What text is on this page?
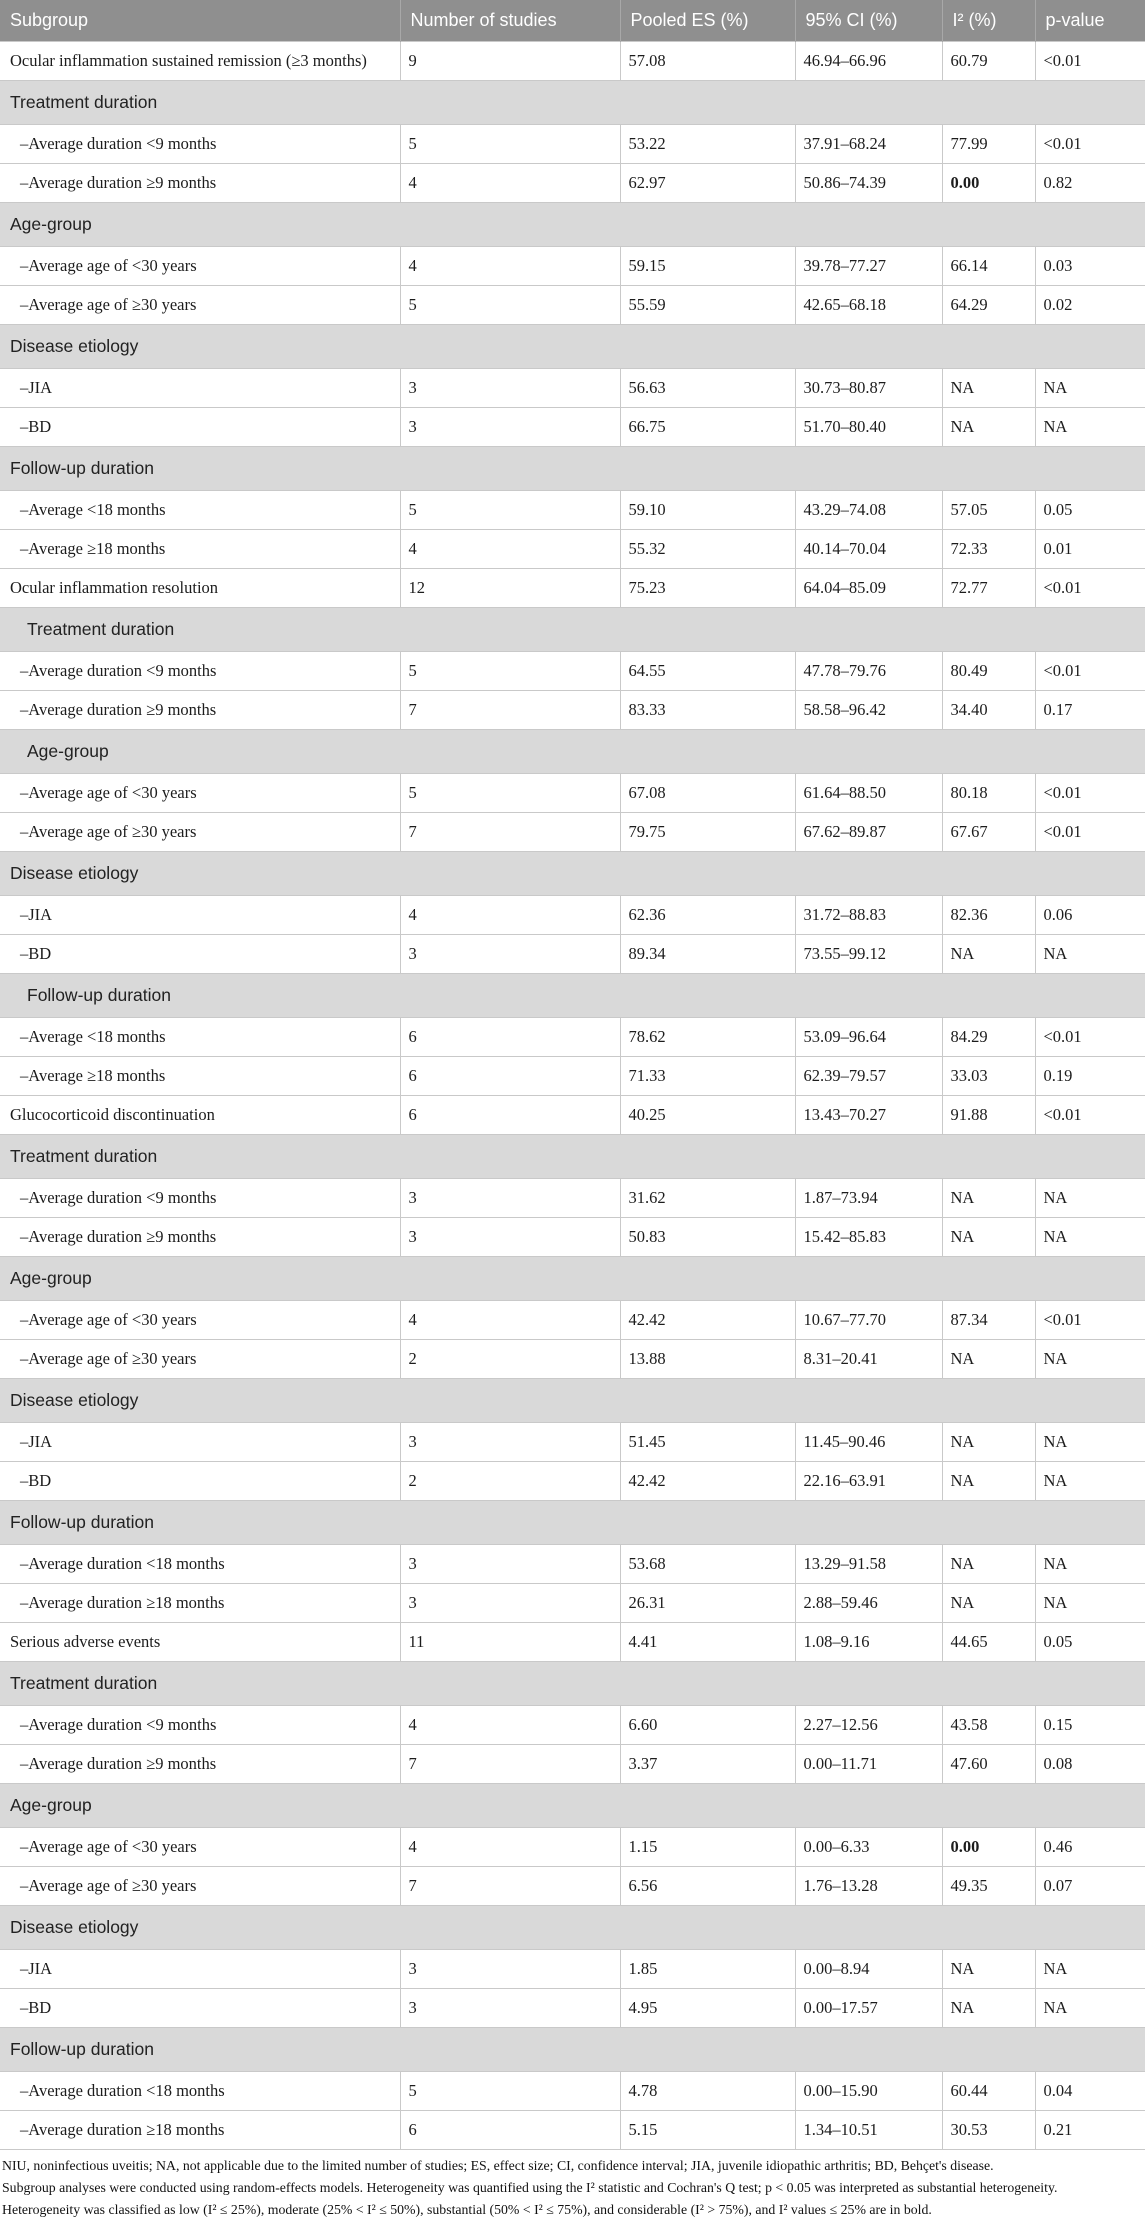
Subgroup	Number of studies	Pooled ES (%)	95% CI (%)	I² (%)	p-value
Ocular inflammation sustained remission (≥3 months)	9	57.08	46.94–66.96	60.79	<0.01
Treatment duration					
–Average duration <9 months	5	53.22	37.91–68.24	77.99	<0.01
–Average duration ≥9 months	4	62.97	50.86–74.39	0.00	0.82
Age-group					
–Average age of <30 years	4	59.15	39.78–77.27	66.14	0.03
–Average age of ≥30 years	5	55.59	42.65–68.18	64.29	0.02
Disease etiology					
–JIA	3	56.63	30.73–80.87	NA	NA
–BD	3	66.75	51.70–80.40	NA	NA
Follow-up duration					
–Average <18 months	5	59.10	43.29–74.08	57.05	0.05
–Average ≥18 months	4	55.32	40.14–70.04	72.33	0.01
Ocular inflammation resolution	12	75.23	64.04–85.09	72.77	<0.01
Treatment duration					
–Average duration <9 months	5	64.55	47.78–79.76	80.49	<0.01
–Average duration ≥9 months	7	83.33	58.58–96.42	34.40	0.17
Age-group					
–Average age of <30 years	5	67.08	61.64–88.50	80.18	<0.01
–Average age of ≥30 years	7	79.75	67.62–89.87	67.67	<0.01
Disease etiology					
–JIA	4	62.36	31.72–88.83	82.36	0.06
–BD	3	89.34	73.55–99.12	NA	NA
Follow-up duration					
–Average <18 months	6	78.62	53.09–96.64	84.29	<0.01
–Average ≥18 months	6	71.33	62.39–79.57	33.03	0.19
Glucocorticoid discontinuation	6	40.25	13.43–70.27	91.88	<0.01
Treatment duration					
–Average duration <9 months	3	31.62	1.87–73.94	NA	NA
–Average duration ≥9 months	3	50.83	15.42–85.83	NA	NA
Age-group					
–Average age of <30 years	4	42.42	10.67–77.70	87.34	<0.01
–Average age of ≥30 years	2	13.88	8.31–20.41	NA	NA
Disease etiology					
–JIA	3	51.45	11.45–90.46	NA	NA
–BD	2	42.42	22.16–63.91	NA	NA
Follow-up duration					
–Average duration <18 months	3	53.68	13.29–91.58	NA	NA
–Average duration ≥18 months	3	26.31	2.88–59.46	NA	NA
Serious adverse events	11	4.41	1.08–9.16	44.65	0.05
Treatment duration					
–Average duration <9 months	4	6.60	2.27–12.56	43.58	0.15
–Average duration ≥9 months	7	3.37	0.00–11.71	47.60	0.08
Age-group					
–Average age of <30 years	4	1.15	0.00–6.33	0.00	0.46
–Average age of ≥30 years	7	6.56	1.76–13.28	49.35	0.07
Disease etiology					
–JIA	3	1.85	0.00–8.94	NA	NA
–BD	3	4.95	0.00–17.57	NA	NA
Follow-up duration					
–Average duration <18 months	5	4.78	0.00–15.90	60.44	0.04
–Average duration ≥18 months	6	5.15	1.34–10.51	30.53	0.21

NIU, noninfectious uveitis; NA, not applicable due to the limited number of studies; ES, effect size; CI, confidence interval; JIA, juvenile idiopathic arthritis; BD, Behçet's disease.

Subgroup analyses were conducted using random-effects models. Heterogeneity was quantified using the I² statistic and Cochran's Q test; p < 0.05 was interpreted as substantial heterogeneity.

Heterogeneity was classified as low (I² ≤ 25%), moderate (25% < I² ≤ 50%), substantial (50% < I² ≤ 75%), and considerable (I² > 75%), and I² values ≤ 25% are in bold.
